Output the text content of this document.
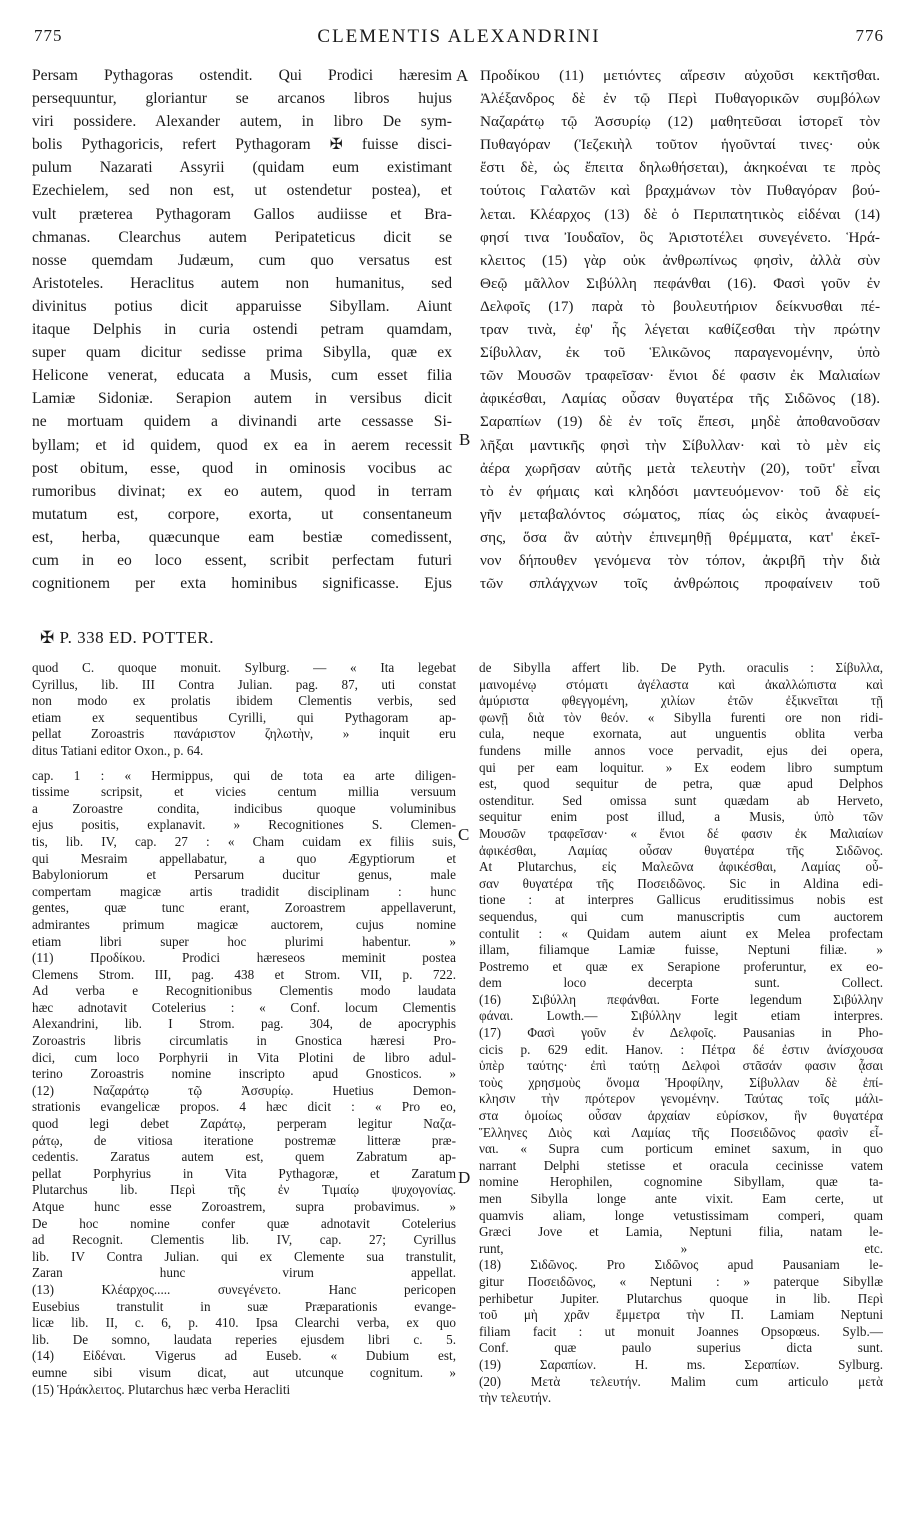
775	CLEMENTIS ALEXANDRINI	776
Persam Pythagoras ostendit. Qui Prodici hæresim
persequuntur, gloriantur se arcanos libros hujus
viri possidere. Alexander autem, in libro De sym-
bolis Pythagoricis, refert Pythagoram ✠ fuisse disci-
pulum Nazarati Assyrii (quidam eum existimant
Ezechielem, sed non est, ut ostendetur postea), et
vult præterea Pythagoram Gallos audiisse et Bra-
chmanas. Clearchus autem Peripateticus dicit se
nosse quemdam Judæum, cum quo versatus est
Aristoteles. Heraclitus autem non humanitus, sed
divinitus potius dicit apparuisse Sibyllam. Aiunt
itaque Delphis in curia ostendi petram quamdam,
super quam dicitur sedisse prima Sibylla, quæ ex
Helicone venerat, educata a Musis, cum esset filia
Lamiæ Sidoniæ. Serapion autem in versibus dicit
ne mortuam quidem a divinandi arte cessasse Si-
byllam; et id quidem, quod ex ea in aerem recessit
post obitum, esse, quod in ominosis vocibus ac
rumoribus divinat; ex eo autem, quod in terram
mutatum est, corpore, exorta, ut consentaneum
est, herba, quæcunque eam bestiæ comedissent,
cum in eo loco essent, scribit perfectam futuri
cognitionem per exta hominibus significasse. Ejus
Προδίκου (11) μετιόντες αἵρεσιν αὐχοῦσι κεκτῆσθαι.
Ἀλέξανδρος δὲ ἐν τῷ Περὶ Πυθαγορικῶν συμβόλων
Ναζαράτῳ τῷ Ἀσσυρίῳ (12) μαθητεῦσαι ἱστορεῖ τὸν
Πυθαγόραν (Ἰεζεκιὴλ τοῦτον ἡγοῦνταί τινες· οὐκ
ἔστι δὲ, ὡς ἔπειτα δηλωθήσεται), ἀκηκοέναι τε πρὸς
τούτοις Γαλατῶν καὶ βραχμάνων τὸν Πυθαγόραν βού-
λεται. Κλέαρχος (13) δὲ ὁ Περιπατητικὸς εἰδέναι (14)
φησί τινα Ἰουδαῖον, ὃς Ἀριστοτέλει συνεγένετο. Ἡρά-
κλειτος (15) γὰρ οὐκ ἀνθρωπίνως φησὶν, ἀλλὰ σὺν
Θεῷ μᾶλλον Σιβύλλη πεφάνθαι (16). Φασὶ γοῦν ἐν
Δελφοῖς (17) παρὰ τὸ βουλευτήριον δείκνυσθαι πέ-
τραν τινὰ, ἐφ' ἧς λέγεται καθίζεσθαι τὴν πρώτην
Σίβυλλαν, ἐκ τοῦ Ἑλικῶνος παραγενομένην, ὑπὸ
τῶν Μουσῶν τραφεῖσαν· ἔνιοι δέ φασιν ἐκ Μαλιαίων
ἀφικέσθαι, Λαμίας οὖσαν θυγατέρα τῆς Σιδῶνος (18).
Σαραπίων (19) δὲ ἐν τοῖς ἔπεσι, μηδὲ ἀποθανοῦσαν
λῆξαι μαντικῆς φησὶ τὴν Σίβυλλαν· καὶ τὸ μὲν εἰς
ἀέρα χωρῆσαν αὐτῆς μετὰ τελευτὴν (20), τοῦτ' εἶναι
τὸ ἐν φήμαις καὶ κληδόσι μαντευόμενον· τοῦ δὲ εἰς
γῆν μεταβαλόντος σώματος, πίας ὡς εἰκὸς ἀναφυεί-
σης, ὅσα ἂν αὐτὴν ἐπινεμηθῇ θρέμματα, κατ' ἐκεῖ-
νον δήπουθεν γενόμενα τὸν τόπον, ἀκριβῆ τὴν διὰ
τῶν σπλάγχνων τοῖς ἀνθρώποις προφαίνειν τοῦ
A
B
✠ P. 338 ED. POTTER.
C
D
quod C. quoque monuit. Sylburg. — « Ita legebat
Cyrillus, lib. III Contra Julian. pag. 87, uti constat
non modo ex prolatis ibidem Clementis verbis, sed
etiam ex sequentibus Cyrilli, qui Pythagoram ap-
pellat Zoroastris πανάριστον ζηλωτὴν, » inquit eru
ditus Tatiani editor Oxon., p. 64.
cap. 1 : « Hermippus, qui de tota ea arte diligen-
tissime scripsit, et vicies centum millia versuum
a Zoroastre condita, indicibus quoque voluminibus
ejus positis, explanavit. » Recognitiones S. Clemen-
tis, lib. IV, cap. 27 : « Cham cuidam ex filiis suis,
qui Mesraim appellabatur, a quo Ægyptiorum et
Babyloniorum et Persarum ducitur genus, male
compertam magicæ artis tradidit disciplinam : hunc
gentes, quæ tunc erant, Zoroastrem appellaverunt,
admirantes primum magicæ auctorem, cujus nomine
etiam libri super hoc plurimi habentur. »
(11) Προδίκου. Prodici hæreseos meminit postea
Clemens Strom. III, pag. 438 et Strom. VII, p. 722.
Ad verba e Recognitionibus Clementis modo laudata
hæc adnotavit Cotelerius : « Conf. locum Clementis
Alexandrini, lib. I Strom. pag. 304, de apocryphis
Zoroastris libris circumlatis in Gnostica hæresi Pro-
dici, cum loco Porphyrii in Vita Plotini de libro adul-
terino Zoroastris nomine inscripto apud Gnosticos. »
(12) Ναζαράτῳ τῷ Ἀσσυρίῳ. Huetius Demon-
strationis evangelicæ propos. 4 hæc dicit : « Pro eo,
quod legi debet Ζαράτῳ, perperam legitur Ναζα-
ράτῳ, de vitiosa iteratione postremæ litteræ præ-
cedentis. Zaratus autem est, quem Zabratum ap-
pellat Porphyrius in Vita Pythagoræ, et Zaratum
Plutarchus lib. Περὶ τῆς ἐν Τιμαίῳ ψυχογονίας.
Atque hunc esse Zoroastrem, supra probavimus. »
De hoc nomine confer quæ adnotavit Cotelerius
ad Recognit. Clementis lib. IV, cap. 27; Cyrillus
lib. IV Contra Julian. qui ex Clemente sua transtulit,
Zaran hunc virum appellat.
(13) Κλέαρχος..... συνεγένετο. Hanc pericopen
Eusebius transtulit in suæ Præparationis evange-
licæ lib. II, c. 6, p. 410. Ipsa Clearchi verba, ex quo
lib. De somno, laudata reperies ejusdem libri c. 5.
(14) Εἰδέναι. Vigerus ad Euseb. « Dubium est,
eumne sibi visum dicat, aut utcunque cognitum. »
(15) Ἡράκλειτος. Plutarchus hæc verba Heracliti
de Sibylla affert lib. De Pyth. oraculis : Σίβυλλα,
μαινομένῳ στόματι ἀγέλαστα καὶ ἀκαλλώπιστα καὶ
ἀμύριστα φθεγγομένη, χιλίων ἐτῶν ἐξικνεῖται τῇ
φωνῇ διὰ τὸν θεόν. « Sibylla furenti ore non ridi-
cula, neque exornata, aut unguentis oblita verba
fundens mille annos voce pervadit, ejus dei opera,
qui per eam loquitur. » Ex eodem libro sumptum
est, quod sequitur de petra, quæ apud Delphos
ostenditur. Sed omissa sunt quædam ab Herveto,
sequitur enim post illud, a Musis, ὑπὸ τῶν
Μουσῶν τραφεῖσαν· « ἔνιοι δέ φασιν ἐκ Μαλιαίων
ἀφικέσθαι, Λαμίας οὖσαν θυγατέρα τῆς Σιδῶνος.
At Plutarchus, εἰς Μαλεῶνα ἀφικέσθαι, Λαμίας οὖ-
σαν θυγατέρα τῆς Ποσειδῶνος. Sic in Aldina edi-
tione : at interpres Gallicus eruditissimus nobis est
sequendus, qui cum manuscriptis cum auctorem
contulit : « Quidam autem aiunt ex Melea profectam
illam, filiamque Lamiæ fuisse, Neptuni filiæ. »
Postremo et quæ ex Serapione proferuntur, ex eo-
dem loco decerpta sunt. Collect.
(16) Σιβύλλη πεφάνθαι. Forte legendum Σιβύλλην
φάναι. Lowth.— Σιβύλλην legit etiam interpres.
(17) Φασὶ γοῦν ἐν Δελφοῖς. Pausanias in Pho-
cicis p. 629 edit. Hanov. : Πέτρα δέ ἐστιν ἀνίσχουσα
ὑπὲρ ταύτης· ἐπὶ ταύτῃ Δελφοὶ στᾶσάν φασιν ᾆσαι
τοὺς χρησμοὺς ὄνομα Ἡροφίλην, Σίβυλλαν δὲ ἐπί-
κλησιν τὴν πρότερον γενομένην. Ταύτας τοῖς μάλι-
στα ὁμοίως οὖσαν ἀρχαίαν εὑρίσκον, ἣν θυγατέρα
Ἕλληνες Διὸς καὶ Λαμίας τῆς Ποσειδῶνος φασὶν εἶ-
ναι. « Supra cum porticum eminet saxum, in quo
narrant Delphi stetisse et oracula cecinisse vatem
nomine Herophilen, cognomine Sibyllam, quæ ta-
men Sibylla longe ante vixit. Eam certe, ut
quamvis aliam, longe vetustissimam comperi, quam
Græci Jove et Lamia, Neptuni filia, natam le-
runt, » etc.
(18) Σιδῶνος. Pro Σιδῶνος apud Pausaniam le-
gitur Ποσειδῶνος, « Neptuni : » paterque Sibyllæ
perhibetur Jupiter. Plutarchus quoque in lib. Περὶ
τοῦ μὴ χρᾶν ἔμμετρα τὴν Π. Lamiam Neptuni
filiam facit : ut monuit Joannes Opsopœus. Sylb.—
Conf. quæ paulo superius dicta sunt.
(19) Σαραπίων. H. ms. Σεραπίων. Sylburg.
(20) Μετὰ τελευτήν. Malim cum articulo μετὰ
τὴν τελευτήν.
